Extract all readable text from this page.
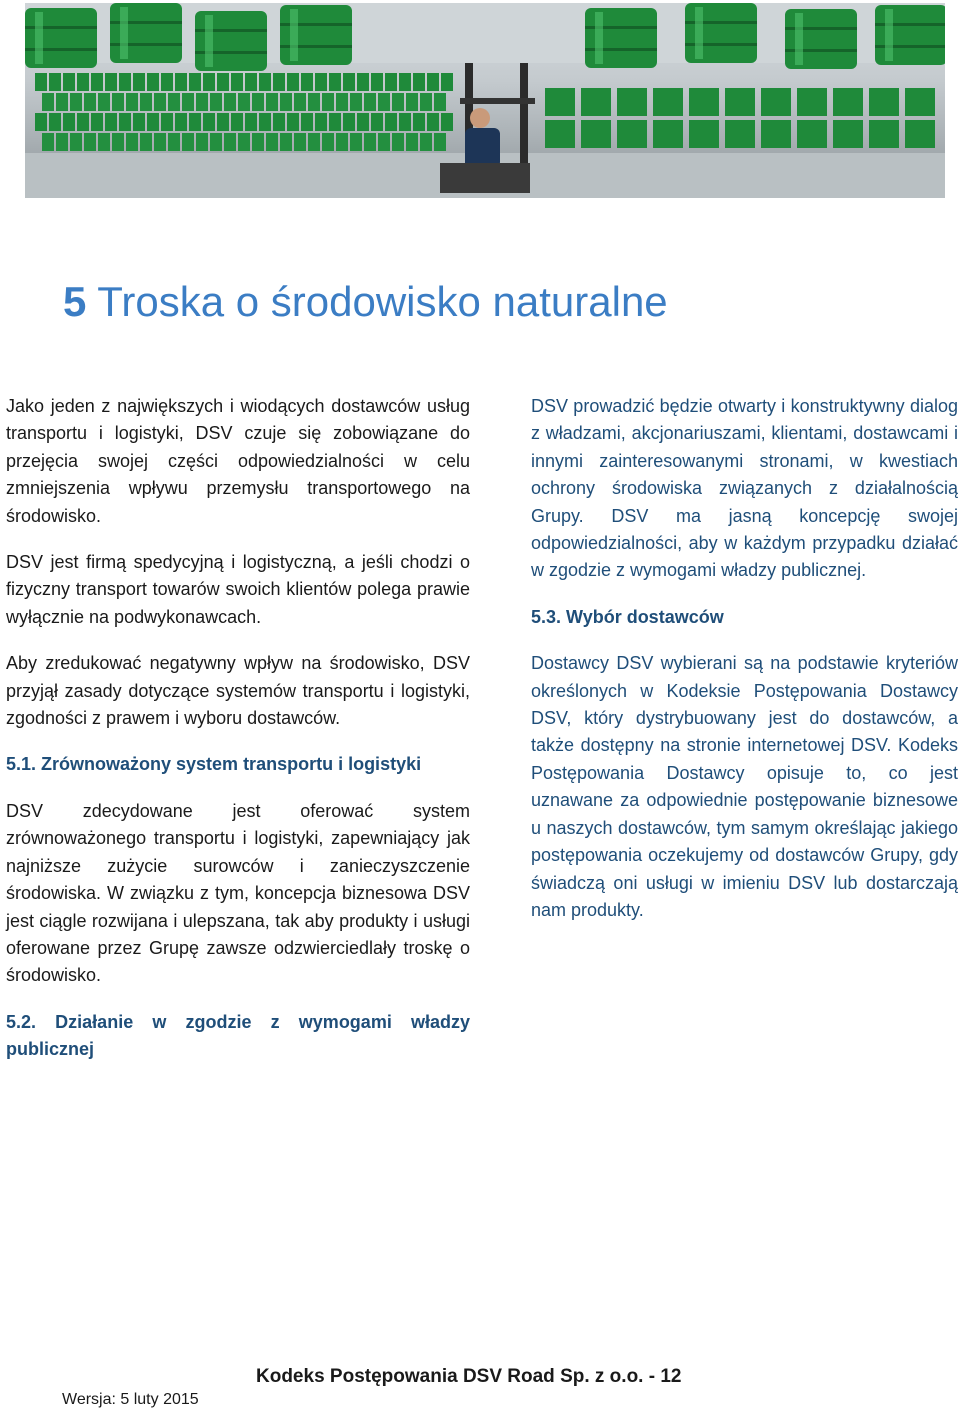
5 Troska o środowisko naturalne

Jako jeden z największych i wiodących dostawców usług transportu i logistyki, DSV czuje się zobowiązane do przejęcia swojej części odpowiedzialności w celu zmniejszenia wpływu przemysłu transportowego na środowisko.

DSV jest firmą spedycyjną i logistyczną, a jeśli chodzi o fizyczny transport towarów swoich klientów polega prawie wyłącznie na podwykonawcach.

Aby zredukować negatywny wpływ na środowisko, DSV przyjął zasady dotyczące systemów transportu i logistyki, zgodności z prawem i wyboru dostawców.

5.1. Zrównoważony system transportu i logistyki

DSV zdecydowane jest oferować system zrównoważonego transportu i logistyki, zapewniający jak najniższe zużycie surowców i zanieczyszczenie środowiska. W związku z tym, koncepcja biznesowa DSV jest ciągle rozwijana i ulepszana, tak aby produkty i usługi oferowane przez Grupę zawsze odzwierciedlały troskę o środowisko.

5.2. Działanie w zgodzie z wymogami władzy publicznej

DSV prowadzić będzie otwarty i konstruktywny dialog z władzami, akcjonariuszami, klientami, dostawcami i innymi zainteresowanymi stronami, w kwestiach ochrony środowiska związanych z działalnością Grupy. DSV ma jasną koncepcję swojej odpowiedzialności, aby w każdym przypadku działać w zgodzie z wymogami władzy publicznej.

5.3. Wybór dostawców

Dostawcy DSV wybierani są na podstawie kryteriów określonych w Kodeksie Postępowania Dostawcy DSV, który dystrybuowany jest do dostawców, a także dostępny na stronie internetowej DSV. Kodeks Postępowania Dostawcy opisuje to, co jest uznawane za odpowiednie postępowanie biznesowe u naszych dostawców, tym samym określając jakiego postępowania oczekujemy od dostawców Grupy, gdy świadczą oni usługi w imieniu DSV lub dostarczają nam produkty.

Kodeks Postępowania DSV Road Sp. z o.o. - 12
Wersja: 5 luty 2015
